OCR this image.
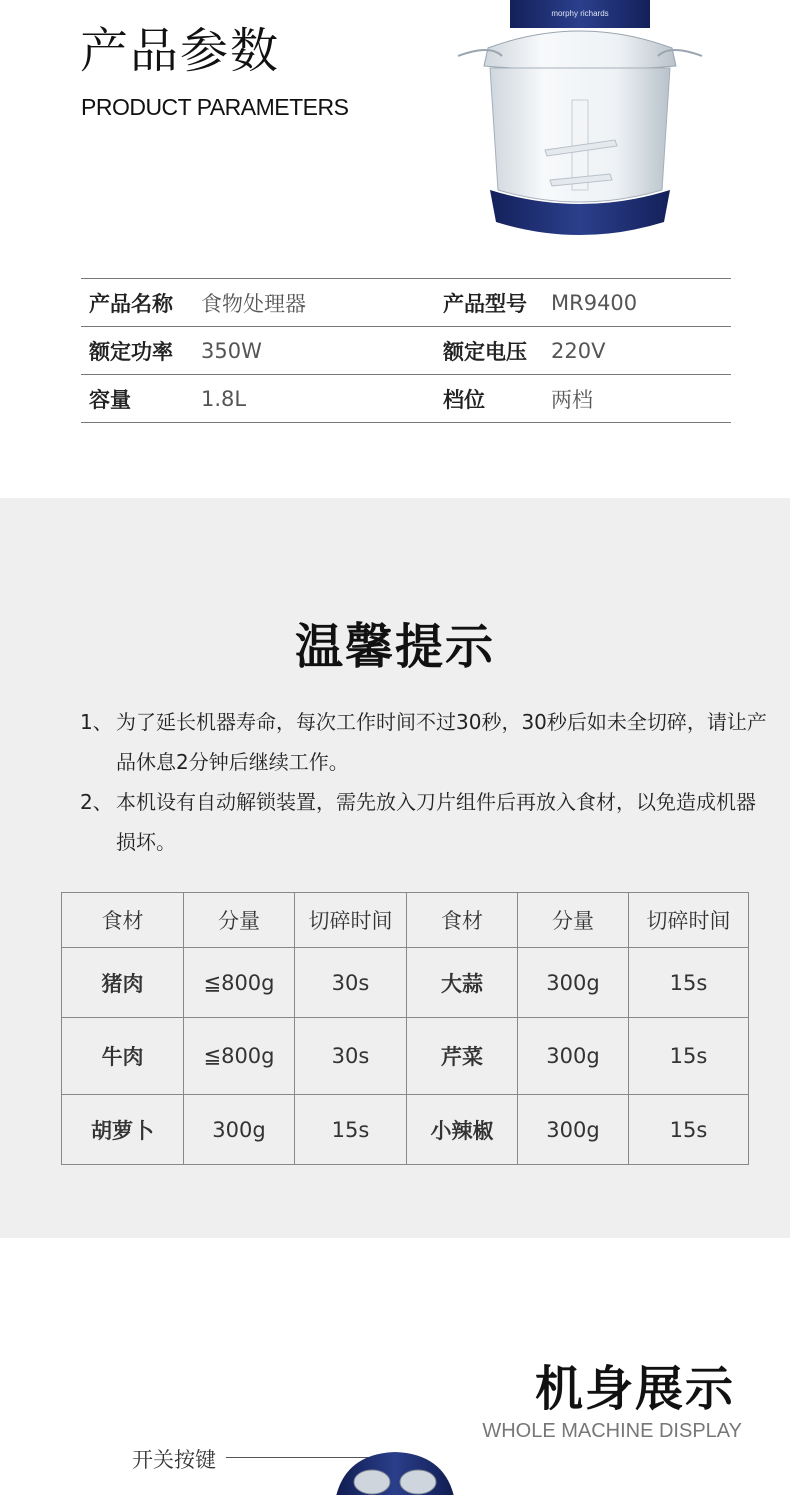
产品参数
PRODUCT PARAMETERS
morphy richards
产品名称	食物处理器	产品型号	MR9400
额定功率	350W	额定电压	220V
容量	1.8L	档位	两档
温馨提示
1、 为了延长机器寿命，每次工作时间不过30秒，30秒后如未全切碎，请让产品休息2分钟后继续工作。
2、 本机设有自动解锁装置，需先放入刀片组件后再放入食材，以免造成机器损坏。
食材	分量	切碎时间	食材	分量	切碎时间
猪肉	≦800g	30s	大蒜	300g	15s
牛肉	≦800g	30s	芹菜	300g	15s
胡萝卜	300g	15s	小辣椒	300g	15s
机身展示
WHOLE MACHINE DISPLAY
开关按键
